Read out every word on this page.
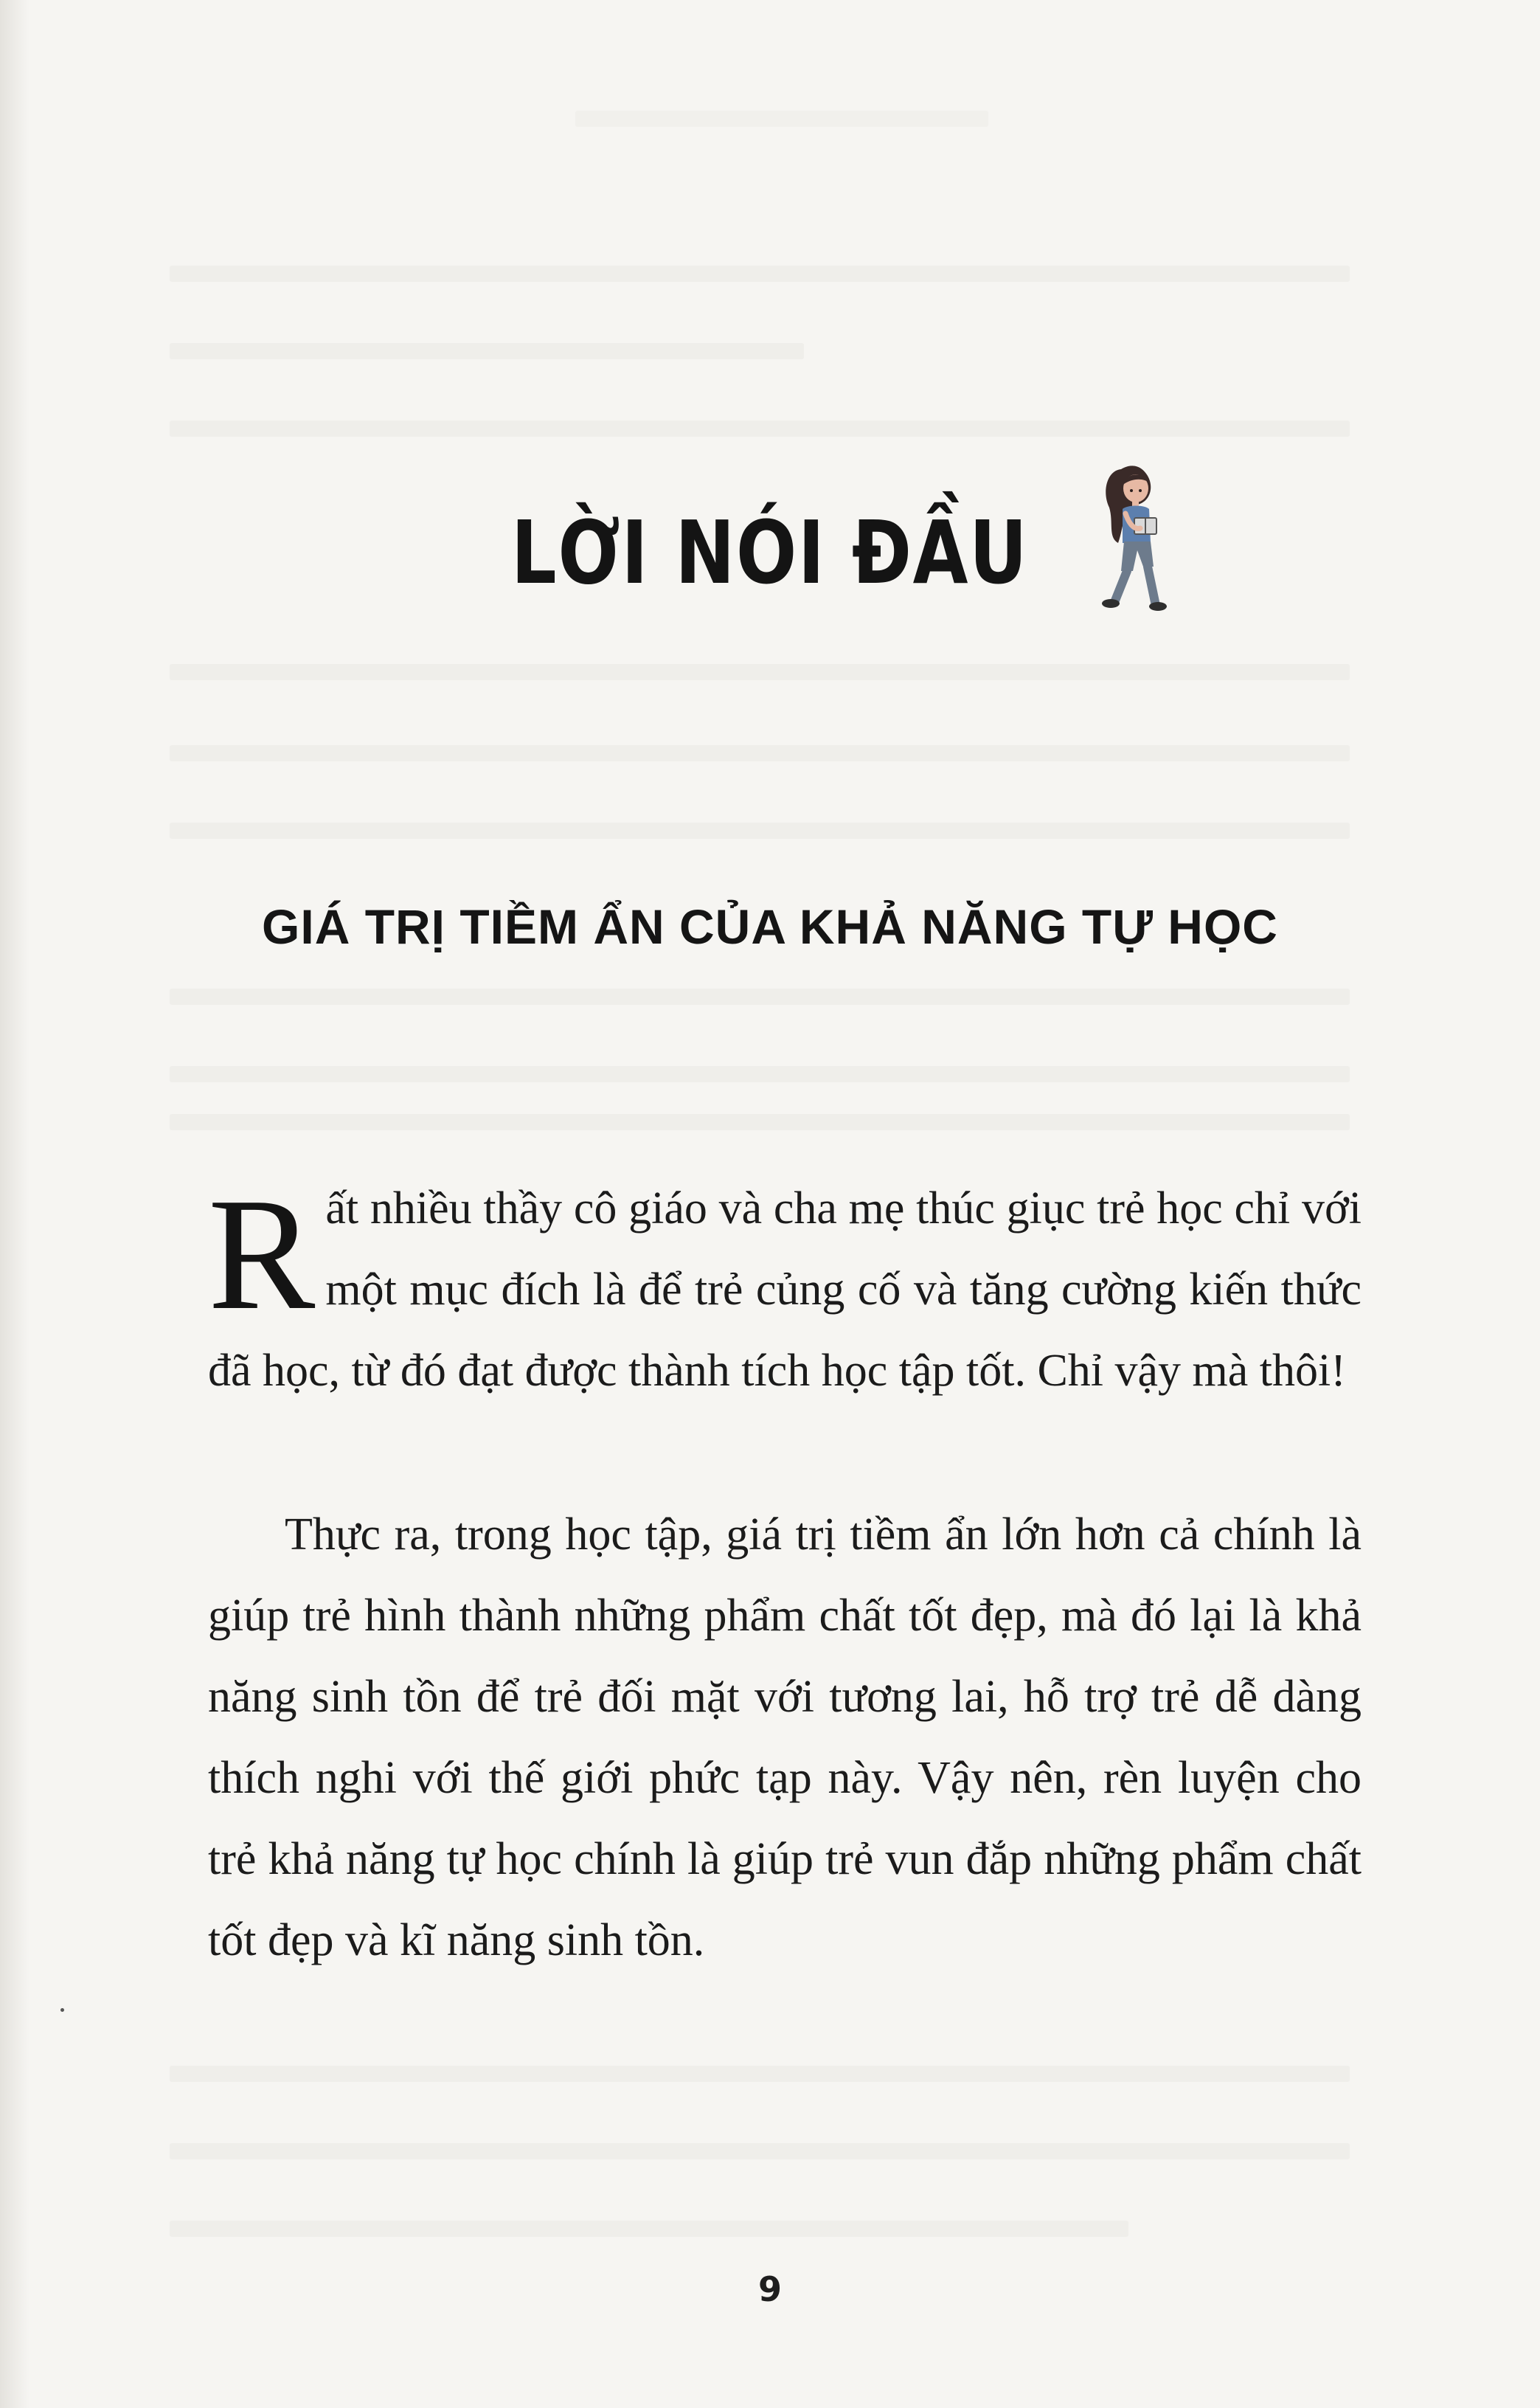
LỜI NÓI ĐẦU
GIÁ TRỊ TIỀM ẨN CỦA KHẢ NĂNG TỰ HỌC

Rất nhiều thầy cô giáo và cha mẹ thúc giục trẻ học chỉ với một mục đích là để trẻ củng cố và tăng cường kiến thức đã học, từ đó đạt được thành tích học tập tốt. Chỉ vậy mà thôi!

Thực ra, trong học tập, giá trị tiềm ẩn lớn hơn cả chính là giúp trẻ hình thành những phẩm chất tốt đẹp, mà đó lại là khả năng sinh tồn để trẻ đối mặt với tương lai, hỗ trợ trẻ dễ dàng thích nghi với thế giới phức tạp này. Vậy nên, rèn luyện cho trẻ khả năng tự học chính là giúp trẻ vun đắp những phẩm chất tốt đẹp và kĩ năng sinh tồn.

9
